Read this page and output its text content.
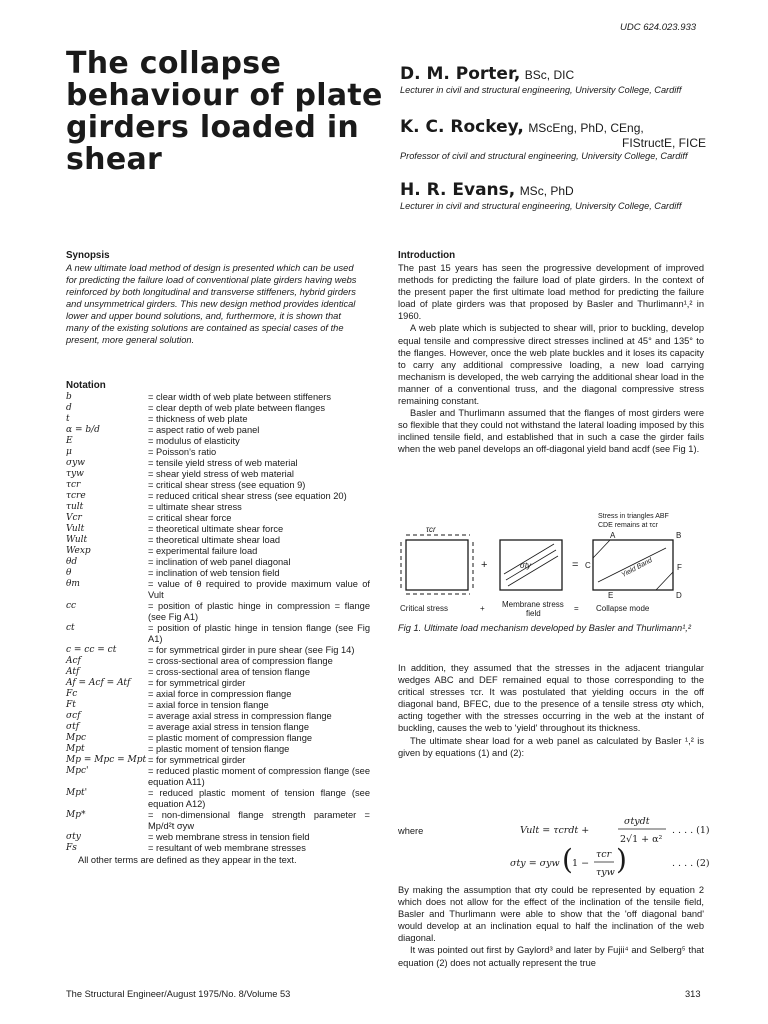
UDC 624.023.933
The collapse behaviour of plate girders loaded in shear
D. M. Porter, BSc, DIC
Lecturer in civil and structural engineering, University College, Cardiff
K. C. Rockey, MScEng, PhD, CEng,
FIStructE, FICE
Professor of civil and structural engineering, University College, Cardiff
H. R. Evans, MSc, PhD
Lecturer in civil and structural engineering, University College, Cardiff
Synopsis

A new ultimate load method of design is presented which can be used for predicting the failure load of conventional plate girders having webs reinforced by both longitudinal and transverse stiffeners, hybrid girders and unsymmetrical girders. This new design method provides identical lower and upper bound solutions, and, furthermore, it is shown that many of the existing solutions are contained as special cases of the present, more general solution.

Notation
b	= clear width of web plate between stiffeners
d	= clear depth of web plate between flanges
t	= thickness of web plate
α = b/d	= aspect ratio of web panel
E	= modulus of elasticity
μ	= Poisson's ratio
σyw	= tensile yield stress of web material
τyw	= shear yield stress of web material
τcr	= critical shear stress (see equation 9)
τcre	= reduced critical shear stress (see equation 20)
τult	= ultimate shear stress
Vcr	= critical shear force
Vult	= theoretical ultimate shear force
Wult	= theoretical ultimate shear load
Wexp	= experimental failure load
θd	= inclination of web panel diagonal
θ	= inclination of web tension field
θm	= value of θ required to provide maximum value of Vult
cc	= position of plastic hinge in compression = flange (see Fig A1)
ct	= position of plastic hinge in tension flange (see Fig A1)
c = cc = ct	= for symmetrical girder in pure shear (see Fig 14)
Acf	= cross-sectional area of compression flange
Atf	= cross-sectional area of tension flange
Af = Acf = Atf	= for symmetrical girder
Fc	= axial force in compression flange
Ft	= axial force in tension flange
σcf	= average axial stress in compression flange
σtf	= average axial stress in tension flange
Mpc	= plastic moment of compression flange
Mpt	= plastic moment of tension flange
Mp = Mpc = Mpt	= for symmetrical girder
Mpc'	= reduced plastic moment of compression flange (see equation A11)
Mpt'	= reduced plastic moment of tension flange (see equation A12)
Mp*	= non-dimensional flange strength parameter = Mp/d²t σyw
σty	= web membrane stress in tension field
Fs	= resultant of web membrane stresses
All other terms are defined as they appear in the text.
Introduction

The past 15 years has seen the progressive development of improved methods for predicting the failure load of plate girders. In the context of the present paper the first ultimate load method for predicting the failure load of plate girders was that proposed by Basler and Thurlimann¹,² in 1960.

A web plate which is subjected to shear will, prior to buckling, develop equal tensile and compressive direct stresses inclined at 45° and 135° to the flanges. However, once the web plate buckles and it loses its capacity to carry any additional compressive loading, a new load carrying mechanism is developed, the web carrying the additional shear load in the manner of a conventional truss, and the diagonal compressive stress remaining constant.

Basler and Thurlimann assumed that the flanges of most girders were so flexible that they could not withstand the lateral loading imposed by this inclined tensile field, and established that in such a case the girder fails when the web panel develops an off-diagonal yield band acdf (see Fig 1).

Stress in triangles ABF
CDE remains at τcr
τcr
+	σty	= C
A	B
F
D
E
Yield Band
Critical stress	+ Membrane stress
field
= Collapse mode
Fig 1. Ultimate load mechanism developed by Basler and Thurlimann¹,²

In addition, they assumed that the stresses in the adjacent triangular wedges ABC and DEF remained equal to those corresponding to the critical stresses τcr. It was postulated that yielding occurs in the off diagonal band, BFEC, due to the presence of a tensile stress σty which, acting together with the stresses occurring in the web at the instant of buckling, causes the web to 'yield' throughout its thickness.

The ultimate shear load for a web panel as calculated by Basler ¹,² is given by equations (1) and (2):

Vult = τcrdt +
σtydt
2√1 + α²
. . . . (1)
where
σty = σyw ( 1 −
τcr
τyw )	. . . . (2)

By making the assumption that σty could be represented by equation 2 which does not allow for the effect of the inclination of the tensile field, Basler and Thurlimann were able to show that the 'off diagonal band' would develop at an inclination equal to half the inclination of the web diagonal.

It was pointed out first by Gaylord³ and later by Fujii⁴ and Selberg⁵ that equation (2) does not actually represent the true

The Structural Engineer/August 1975/No. 8/Volume 53	313
